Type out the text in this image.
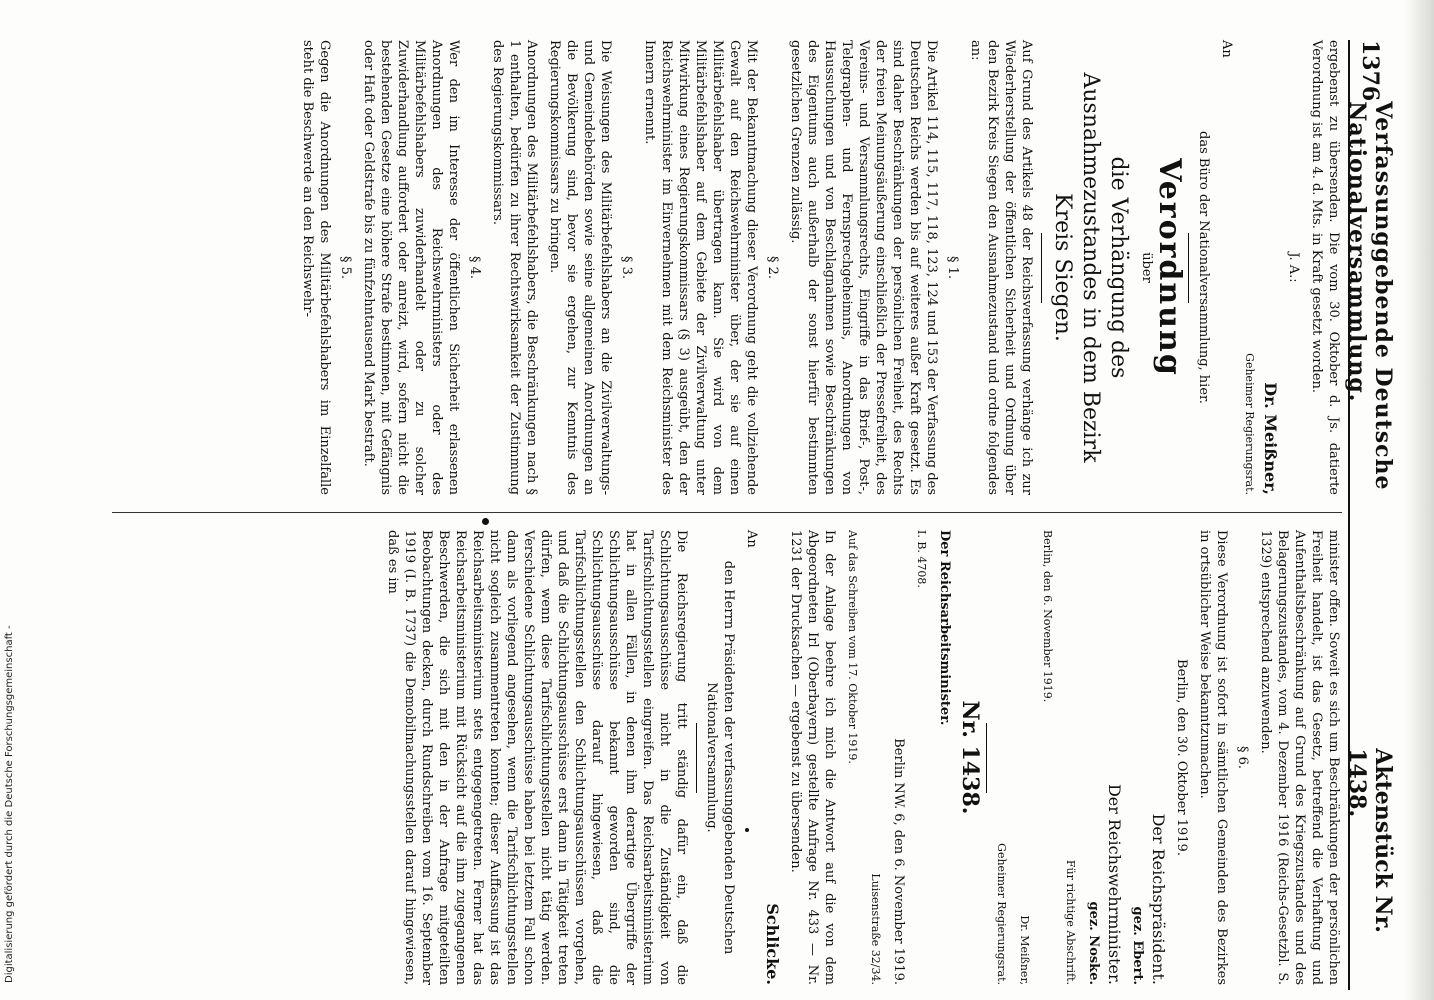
1376
Verfassunggebende Deutsche Nationalversammlung.
Aktenstück Nr. 1438.

ergebenst zu übersenden. Die vom 30. Oktober d. Js. datierte Verordnung ist am 4. d. Mts. in Kraft gesetzt worden.

J. A.:

Dr. Meißner,

Geheimer Regierungsrat.

An

das Büro der Nationalversammlung, hier.

Verordnung

über

die Verhängung des Ausnahmezustandes in dem Bezirk Kreis Siegen.

Auf Grund des Artikels 48 der Reichsverfassung verhänge ich zur Wiederherstellung der öffentlichen Sicherheit und Ordnung über den Bezirk Kreis Siegen den Ausnahmezustand und ordne folgendes an:

§ 1.

Die Artikel 114, 115, 117, 118, 123, 124 und 153 der Verfassung des Deutschen Reichs werden bis auf weiteres außer Kraft gesetzt. Es sind daher Beschränkungen der persönlichen Freiheit, des Rechts der freien Meinungsäußerung einschließlich der Pressefreiheit, des Vereins- und Versammlungsrechts, Eingriffe in das Brief-, Post-, Telegraphen- und Fernsprechgeheimnis, Anordnungen von Haussuchungen und von Beschlagnahmen sowie Beschränkungen des Eigentums auch außerhalb der sonst hierfür bestimmten gesetzlichen Grenzen zulässig.

§ 2.

Mit der Bekanntmachung dieser Verordnung geht die vollziehende Gewalt auf den Reichswehrminister über, der sie auf einen Militärbefehlshaber übertragen kann. Sie wird von dem Militärbefehlshaber auf dem Gebiete der Zivilverwaltung unter Mitwirkung eines Regierungskommissars (§ 3) ausgeübt, den der Reichswehrminister im Einvernehmen mit dem Reichsminister des Innern ernennt.

§ 3.

Die Weisungen des Militärbefehlshabers an die Zivilverwaltungs- und Gemeindebehörden sowie seine allgemeinen Anordnungen an die Bevölkerung sind, bevor sie ergehen, zur Kenntnis des Regierungskommissars zu bringen.

Anordnungen des Militärbefehlshabers, die Beschränkungen nach § 1 enthalten, bedürfen zu ihrer Rechtswirksamkeit der Zustimmung des Regierungskommissars.

§ 4.

Wer den im Interesse der öffentlichen Sicherheit erlassenen Anordnungen des Reichswehrministers oder des Militärbefehlshabers zuwiderhandelt oder zu solcher Zuwiderhandlung auffordert oder anreizt, wird, sofern nicht die bestehenden Gesetze eine höhere Strafe bestimmen, mit Gefängnis oder Haft oder Geldstrafe bis zu fünfzehntausend Mark bestraft.

§ 5.

Gegen die Anordnungen des Militärbefehlshabers im Einzelfalle steht die Beschwerde an den Reichswehr-

minister offen. Soweit es sich um Beschränkungen der persönlichen Freiheit handelt, ist das Gesetz, betreffend die Verhaftung und Aufenthaltsbeschränkung auf Grund des Kriegszustandes und des Belagerungszustandes, vom 4. Dezember 1916 (Reichs-Gesetzbl. S. 1329) entsprechend anzuwenden.

§ 6.

Diese Verordnung ist sofort in sämtlichen Gemeinden des Bezirkes in ortsüblicher Weise bekanntzumachen.

Berlin, den 30. Oktober 1919.

Der Reichspräsident.

gez. Ebert.

Der Reichswehrminister.

gez. Noske.

Für richtige Abschrift.

Berlin, den 6. November 1919.

Dr. Meißner,

Geheimer Regierungsrat.

Nr. 1438.

Der Reichsarbeitsminister.

I. B. 4708.

Berlin NW. 6, den 6. November 1919.

Luisenstraße 32/34.

Auf das Schreiben vom 17. Oktober 1919.

In der Anlage beehre ich mich die Antwort auf die von dem Abgeordneten Irl (Oberbayern) gestellte Anfrage Nr. 433 — Nr. 1231 der Drucksachen — ergebenst zu übersenden.

Schlicke.

An

den Herrn Präsidenten der verfassunggebenden Deutschen Nationalversammlung.

Die Reichsregierung tritt ständig dafür ein, daß die Schlichtungsausschüsse nicht in die Zuständigkeit von Tarifschlichtungsstellen eingreifen. Das Reichsarbeitsministerium hat in allen Fällen, in denen ihm derartige Übergriffe der Schlichtungsausschüsse bekannt geworden sind, die Schlichtungsausschüsse darauf hingewiesen, daß die Tarifschlichtungsstellen den Schlichtungsausschüssen vorgehen, und daß die Schlichtungsausschüsse erst dann in Tätigkeit treten dürfen, wenn diese Tarifschlichtungsstellen nicht tätig werden. Verschiedene Schlichtungsausschüsse haben bei letztem Fall schon dann als vorliegend angesehen, wenn die Tarifschlichtungsstellen nicht sogleich zusammentreten konnten; dieser Auffassung ist das Reichsarbeitsministerium stets entgegengetreten. Ferner hat das Reichsarbeitsministerium mit Rücksicht auf die ihm zugegangenen Beschwerden, die sich mit den in der Anfrage mitgeteilten Beobachtungen decken, durch Rundschreiben vom 16. September 1919 (I. B. 1737) die Demobilmachungsstellen darauf hingewiesen, daß es im

Digitalisierung gefördert durch die Deutsche Forschungsgemeinschaft -
